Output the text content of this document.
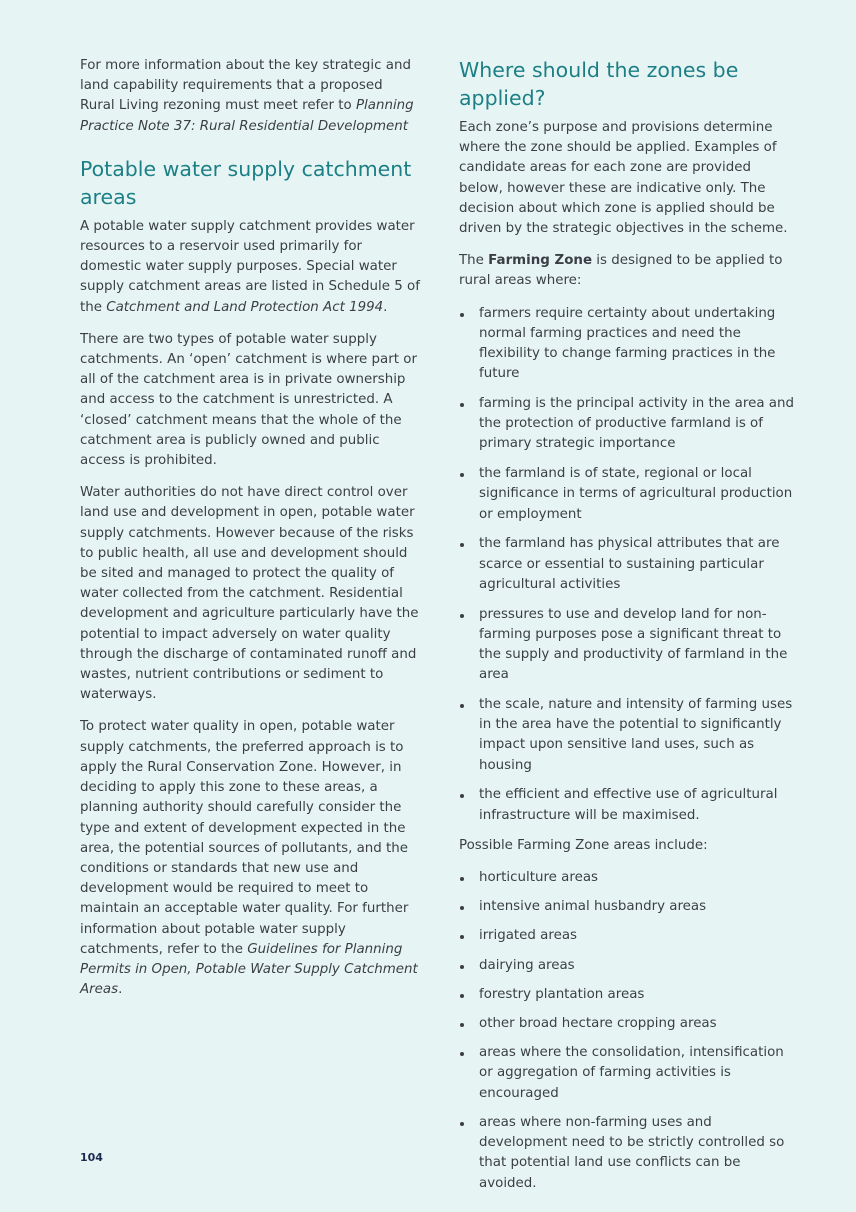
For more information about the key strategic and land capability requirements that a proposed Rural Living rezoning must meet refer to Planning Practice Note 37: Rural Residential Development

Potable water supply catchment areas

A potable water supply catchment provides water resources to a reservoir used primarily for domestic water supply purposes. Special water supply catchment areas are listed in Schedule 5 of the Catchment and Land Protection Act 1994.

There are two types of potable water supply catchments. An ‘open’ catchment is where part or all of the catchment area is in private ownership and access to the catchment is unrestricted. A ‘closed’ catchment means that the whole of the catchment area is publicly owned and public access is prohibited.

Water authorities do not have direct control over land use and development in open, potable water supply catchments. However because of the risks to public health, all use and development should be sited and managed to protect the quality of water collected from the catchment. Residential development and agriculture particularly have the potential to impact adversely on water quality through the discharge of contaminated runoff and wastes, nutrient contributions or sediment to waterways.

To protect water quality in open, potable water supply catchments, the preferred approach is to apply the Rural Conservation Zone. However, in deciding to apply this zone to these areas, a planning authority should carefully consider the type and extent of development expected in the area, the potential sources of pollutants, and the conditions or standards that new use and development would be required to meet to maintain an acceptable water quality. For further information about potable water supply catchments, refer to the Guidelines for Planning Permits in Open, Potable Water Supply Catchment Areas.

Where should the zones be applied?

Each zone’s purpose and provisions determine where the zone should be applied. Examples of candidate areas for each zone are provided below, however these are indicative only. The decision about which zone is applied should be driven by the strategic objectives in the scheme.

The Farming Zone is designed to be applied to rural areas where:

farmers require certainty about undertaking normal farming practices and need the flexibility to change farming practices in the future
farming is the principal activity in the area and the protection of productive farmland is of primary strategic importance
the farmland is of state, regional or local significance in terms of agricultural production or employment
the farmland has physical attributes that are scarce or essential to sustaining particular agricultural activities
pressures to use and develop land for non-farming purposes pose a significant threat to the supply and productivity of farmland in the area
the scale, nature and intensity of farming uses in the area have the potential to significantly impact upon sensitive land uses, such as housing
the efficient and effective use of agricultural infrastructure will be maximised.

Possible Farming Zone areas include:

horticulture areas
intensive animal husbandry areas
irrigated areas
dairying areas
forestry plantation areas
other broad hectare cropping areas
areas where the consolidation, intensification or aggregation of farming activities is encouraged
areas where non-farming uses and development need to be strictly controlled so that potential land use conflicts can be avoided.
104
